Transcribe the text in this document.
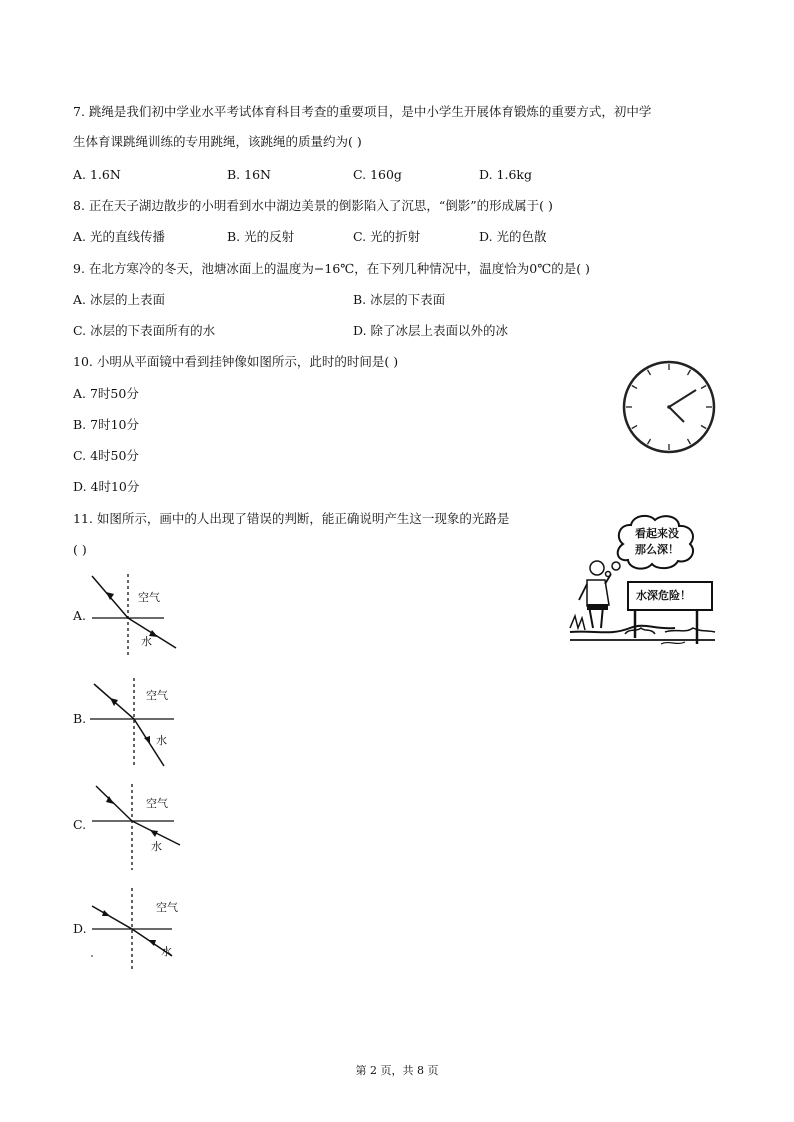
7. 跳绳是我们初中学业水平考试体育科目考查的重要项目，是中小学生开展体育锻炼的重要方式，初中学
生体育课跳绳训练的专用跳绳，该跳绳的质量约为( )
A. 1.6N	B. 16N	C. 160g	D. 1.6kg
8. 正在天子湖边散步的小明看到水中湖边美景的倒影陷入了沉思，“倒影”的形成属于( )
A. 光的直线传播	B. 光的反射	C. 光的折射	D. 光的色散
9. 在北方寒冷的冬天，池塘冰面上的温度为−16℃，在下列几种情况中，温度恰为0℃的是( )
A. 冰层的上表面	B. 冰层的下表面
C. 冰层的下表面所有的水	D. 除了冰层上表面以外的冰
10. 小明从平面镜中看到挂钟像如图所示，此时的时间是( )
A. 7时50分
B. 7时10分
C. 4时50分
D. 4时10分
11. 如图所示，画中的人出现了错误的判断，能正确说明产生这一现象的光路是
( )
看起来没
那么深！
水深危险！
A.
空气
水
B.
空气
水
C.
空气
水
D.
空气
水
第 2 页，共 8 页
